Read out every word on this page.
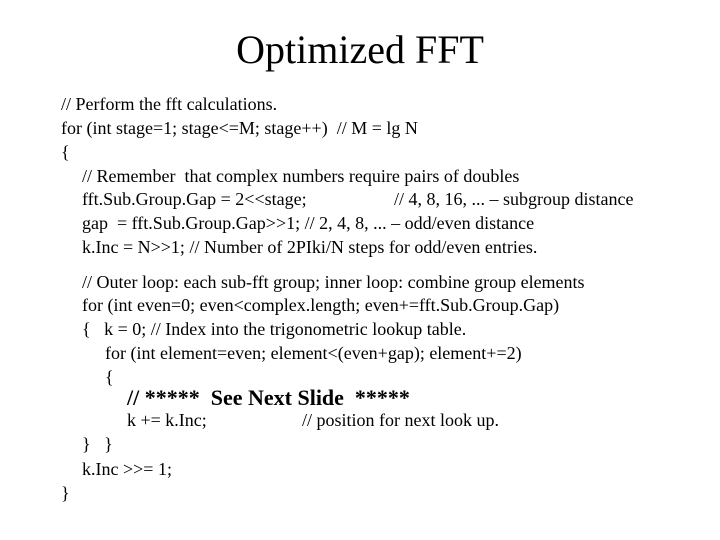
Optimized FFT
// Perform the fft calculations.
for (int stage=1; stage<=M; stage++)  // M = lg N
{
// Remember  that complex numbers require pairs of doubles
fft.Sub.Group.Gap = 2<<stage;	// 4, 8, 16, ... – subgroup distance
gap  = fft.Sub.Group.Gap>>1; // 2, 4, 8, ... – odd/even distance
k.Inc = N>>1; // Number of 2PIki/N steps for odd/even entries.
// Outer loop: each sub-fft group; inner loop: combine group elements
for (int even=0; even<complex.length; even+=fft.Sub.Group.Gap)
{   k = 0; // Index into the trigonometric lookup table.
for (int element=even; element<(even+gap); element+=2)
{
// *****  See Next Slide  *****
k += k.Inc;	// position for next look up.
}   }
k.Inc >>= 1;
}
